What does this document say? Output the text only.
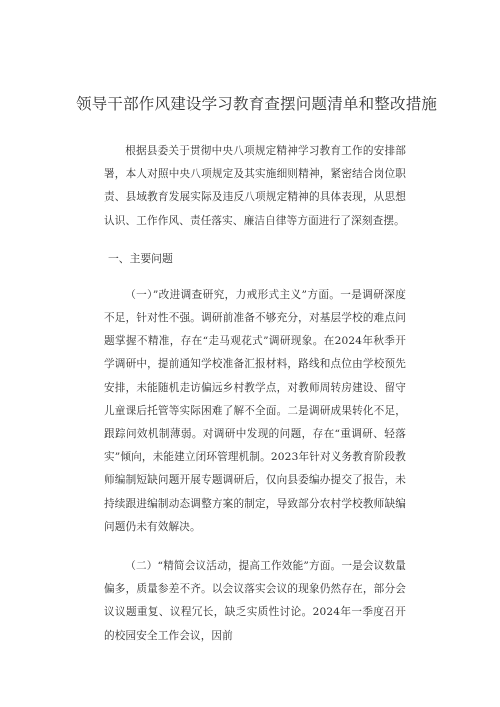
领导干部作风建设学习教育查摆问题清单和整改措施

根据县委关于贯彻中央八项规定精神学习教育工作的安排部署，本人对照中央八项规定及其实施细则精神，紧密结合岗位职责、县域教育发展实际及违反八项规定精神的具体表现，从思想认识、工作作风、责任落实、廉洁自律等方面进行了深刻查摆。

一、主要问题

（一）”改进调查研究，力戒形式主义”方面。一是调研深度不足，针对性不强。调研前准备不够充分，对基层学校的难点问题掌握不精准，存在“走马观花式”调研现象。在2024年秋季开学调研中，提前通知学校准备汇报材料，路线和点位由学校预先安排，未能随机走访偏远乡村教学点，对教师周转房建设、留守儿童课后托管等实际困难了解不全面。二是调研成果转化不足，跟踪问效机制薄弱。对调研中发现的问题，存在“重调研、轻落实”倾向，未能建立闭环管理机制。2023年针对义务教育阶段教师编制短缺问题开展专题调研后，仅向县委编办提交了报告，未持续跟进编制动态调整方案的制定，导致部分农村学校教师缺编问题仍未有效解决。

（二）“精简会议活动，提高工作效能”方面。一是会议数量偏多，质量参差不齐。以会议落实会议的现象仍然存在，部分会议议题重复、议程冗长，缺乏实质性讨论。2024年一季度召开的校园安全工作会议，因前
